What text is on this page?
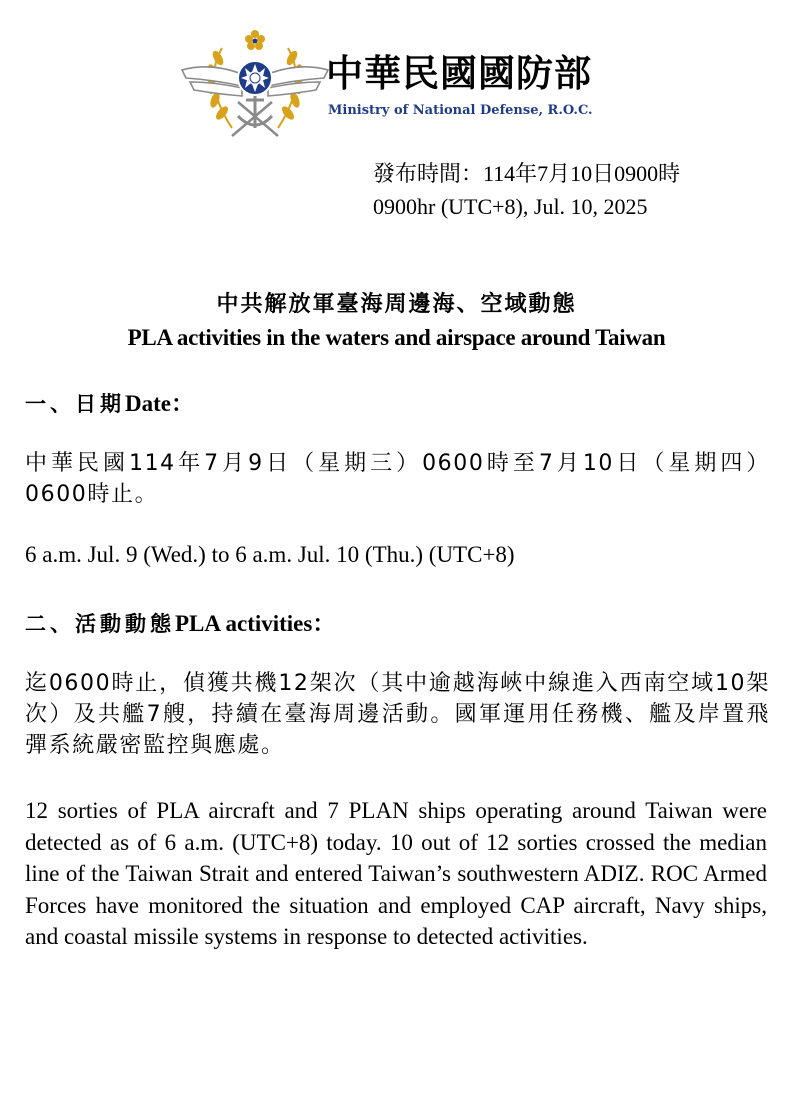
中華民國國防部
Ministry of National Defense, R.O.C.
發布時間：114年7月10日0900時
0900hr (UTC+8), Jul. 10, 2025
中共解放軍臺海周邊海、空域動態
PLA activities in the waters and airspace around Taiwan
一、日期Date：
中華民國114年7月9日（星期三）0600時至7月10日（星期四）0600時止。
6 a.m. Jul. 9 (Wed.) to 6 a.m. Jul. 10 (Thu.) (UTC+8)
二、活動動態PLA activities：
迄0600時止，偵獲共機12架次（其中逾越海峽中線進入西南空域10架次）及共艦7艘，持續在臺海周邊活動。國軍運用任務機、艦及岸置飛彈系統嚴密監控與應處。
12 sorties of PLA aircraft and 7 PLAN ships operating around Taiwan were detected as of 6 a.m. (UTC+8) today. 10 out of 12 sorties crossed the median line of the Taiwan Strait and entered Taiwan’s southwestern ADIZ. ROC Armed Forces have monitored the situation and employed CAP aircraft, Navy ships, and coastal missile systems in response to detected activities.
